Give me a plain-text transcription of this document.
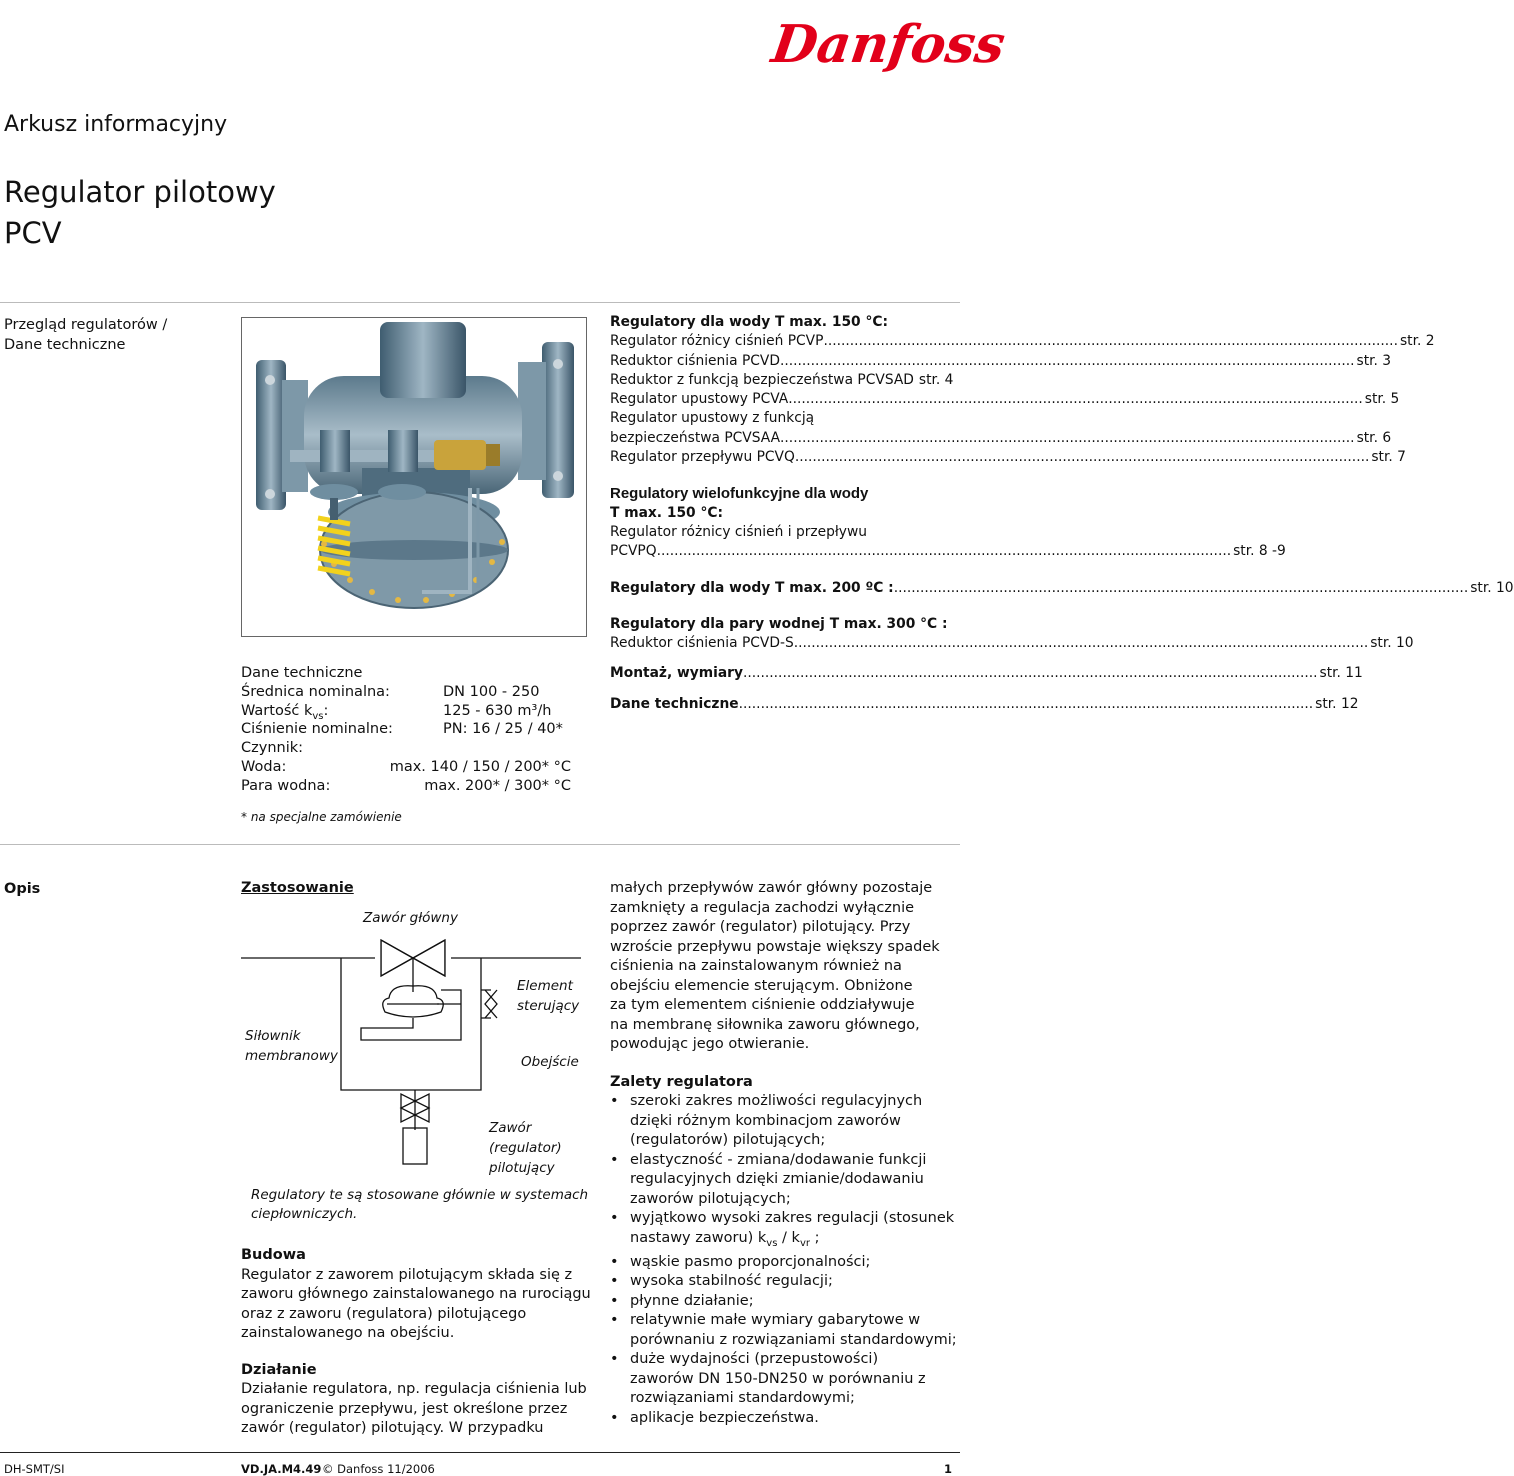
Danfoss
Arkusz informacyjny
Regulator pilotowy
PCV
Przegląd regulatorów /
Dane techniczne
Regulatory dla wody T max. 150 °C:
Regulator różnicy ciśnień PCVP .....	str. 2
Reduktor ciśnienia PCVD .....	str. 3
Reduktor z funkcją bezpieczeństwa PCVSAD str. 4
Regulator upustowy PCVA .....	str. 5
Regulator upustowy z funkcją
bezpieczeństwa PCVSAA .....	str. 6
Regulator przepływu PCVQ .....	str. 7
Regulatory wielofunkcyjne dla wody
T max. 150 °C:
Regulator różnicy ciśnień i przepływu
PCVPQ .....	str. 8 -9
Regulatory dla wody T max. 200 ºC : .....	str. 10
Regulatory dla pary wodnej T max. 300 °C :
Reduktor ciśnienia PCVD-S .....	str. 10
Montaż, wymiary .....	str. 11
Dane techniczne .....	str. 12
Dane techniczne
Średnica nominalna:	DN 100 - 250
Wartość $k_{vs}$:	125 - 630 m³/h
Ciśnienie nominalne:	PN: 16 / 25 / 40*
Czynnik:
Woda:	max. 140 / 150 / 200* °C
Para wodna:	max. 200* / 300* °C
* na specjalne zamówienie
Opis	Zastosowanie
Zawór główny
Element
sterujący
Siłownik
membranowy	Obejście
Zawór
(regulator)
pilotujący
Regulatory te są stosowane głównie w systemach
ciepłowniczych.
Budowa
Regulator z zaworem pilotującym składa się z
zaworu głównego zainstalowanego na rurociągu
oraz z zaworu (regulatora) pilotującego
zainstalowanego na obejściu.
Działanie
Działanie regulatora, np. regulacja ciśnienia lub
ograniczenie przepływu, jest określone przez
zawór (regulator) pilotujący. W przypadku
małych przepływów zawór główny pozostaje
zamknięty a regulacja zachodzi wyłącznie
poprzez zawór (regulator) pilotujący. Przy
wzroście przepływu powstaje większy spadek
ciśnienia na zainstalowanym również na
obejściu elemencie sterującym. Obniżone
za tym elementem ciśnienie oddziaływuje
na membranę siłownika zaworu głównego,
powodując jego otwieranie.
Zalety regulatora
• szeroki zakres możliwości regulacyjnych
dzięki różnym kombinacjom zaworów
(regulatorów) pilotujących;
• elastyczność - zmiana/dodawanie funkcji
regulacyjnych dzięki zmianie/dodawaniu
zaworów pilotujących;
• wyjątkowo wysoki zakres regulacji (stosunek
nastawy zaworu) $k_{vs} / k_{vr}$ ;
• wąskie pasmo proporcjonalności;
• wysoka stabilność regulacji;
• płynne działanie;
• relatywnie małe wymiary gabarytowe w
porównaniu z rozwiązaniami standardowymi;
• duże wydajności (przepustowości)
zaworów DN 150-DN250 w porównaniu z
rozwiązaniami standardowymi;
• aplikacje bezpieczeństwa.
DH-SMT/SI	VD.JA.M4.49 © Danfoss 11/2006	1
